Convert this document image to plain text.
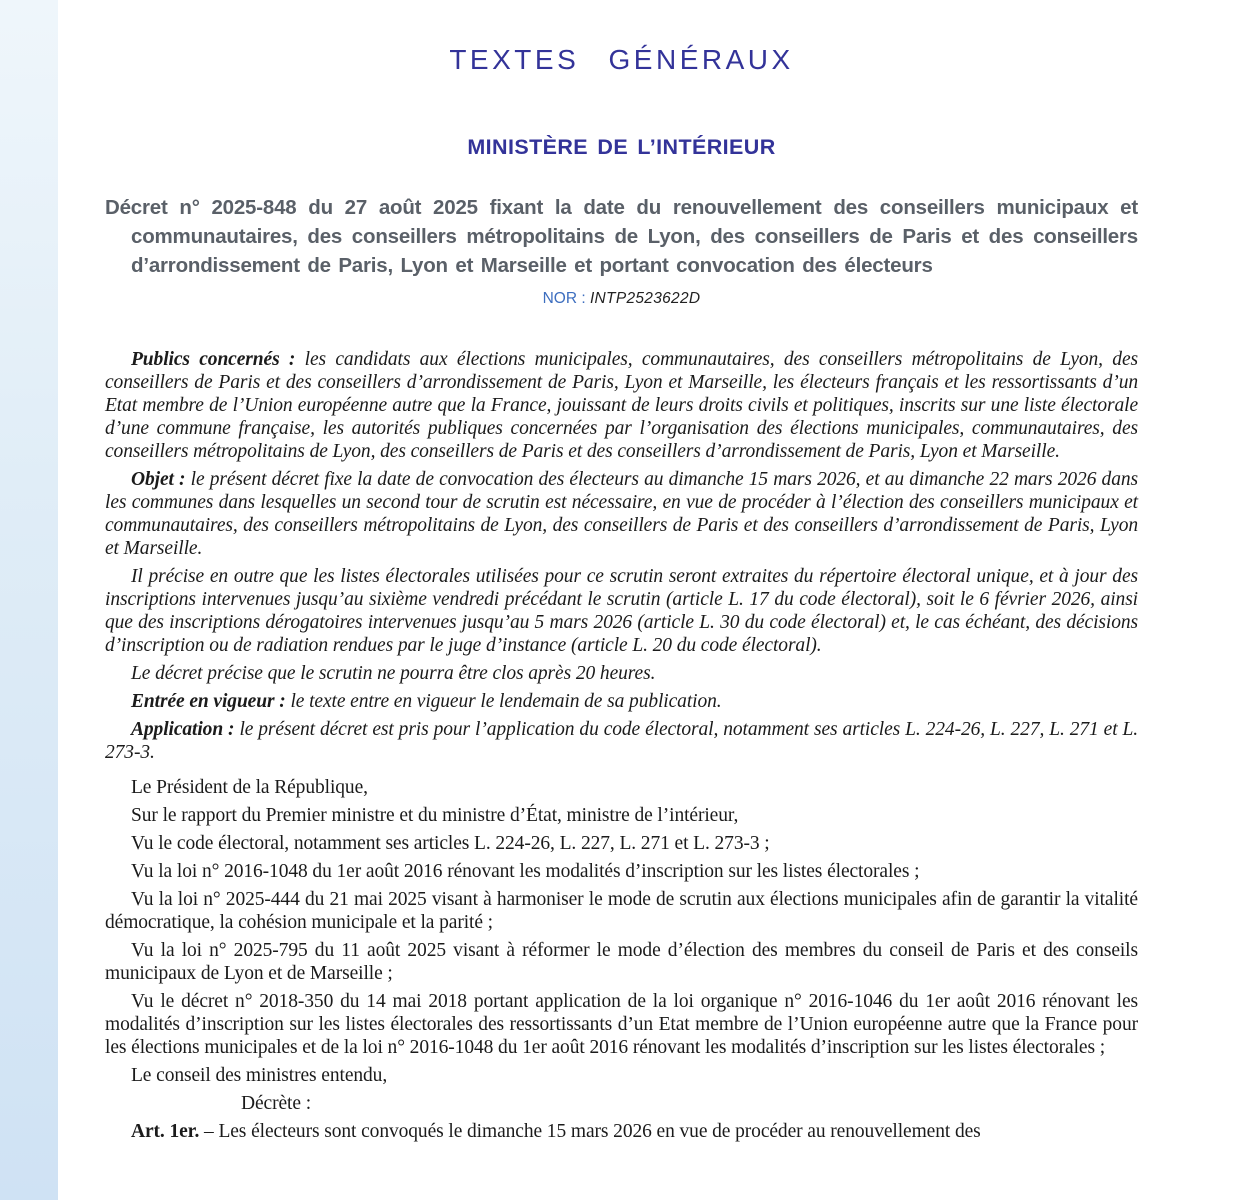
TEXTES GÉNÉRAUX
MINISTÈRE DE L’INTÉRIEUR

Décret n° 2025-848 du 27 août 2025 fixant la date du renouvellement des conseillers municipaux et communautaires, des conseillers métropolitains de Lyon, des conseillers de Paris et des conseillers d’arrondissement de Paris, Lyon et Marseille et portant convocation des électeurs

NOR : INTP2523622D

Publics concernés : les candidats aux élections municipales, communautaires, des conseillers métropolitains de Lyon, des conseillers de Paris et des conseillers d’arrondissement de Paris, Lyon et Marseille, les électeurs français et les ressortissants d’un Etat membre de l’Union européenne autre que la France, jouissant de leurs droits civils et politiques, inscrits sur une liste électorale d’une commune française, les autorités publiques concernées par l’organisation des élections municipales, communautaires, des conseillers métropolitains de Lyon, des conseillers de Paris et des conseillers d’arrondissement de Paris, Lyon et Marseille.

Objet : le présent décret fixe la date de convocation des électeurs au dimanche 15 mars 2026, et au dimanche 22 mars 2026 dans les communes dans lesquelles un second tour de scrutin est nécessaire, en vue de procéder à l’élection des conseillers municipaux et communautaires, des conseillers métropolitains de Lyon, des conseillers de Paris et des conseillers d’arrondissement de Paris, Lyon et Marseille.

Il précise en outre que les listes électorales utilisées pour ce scrutin seront extraites du répertoire électoral unique, et à jour des inscriptions intervenues jusqu’au sixième vendredi précédant le scrutin (article L. 17 du code électoral), soit le 6 février 2026, ainsi que des inscriptions dérogatoires intervenues jusqu’au 5 mars 2026 (article L. 30 du code électoral) et, le cas échéant, des décisions d’inscription ou de radiation rendues par le juge d’instance (article L. 20 du code électoral).

Le décret précise que le scrutin ne pourra être clos après 20 heures.

Entrée en vigueur : le texte entre en vigueur le lendemain de sa publication.

Application : le présent décret est pris pour l’application du code électoral, notamment ses articles L. 224-26, L. 227, L. 271 et L. 273-3.

Le Président de la République,

Sur le rapport du Premier ministre et du ministre d’État, ministre de l’intérieur,

Vu le code électoral, notamment ses articles L. 224-26, L. 227, L. 271 et L. 273-3 ;

Vu la loi n° 2016-1048 du 1er août 2016 rénovant les modalités d’inscription sur les listes électorales ;

Vu la loi n° 2025-444 du 21 mai 2025 visant à harmoniser le mode de scrutin aux élections municipales afin de garantir la vitalité démocratique, la cohésion municipale et la parité ;

Vu la loi n° 2025-795 du 11 août 2025 visant à réformer le mode d’élection des membres du conseil de Paris et des conseils municipaux de Lyon et de Marseille ;

Vu le décret n° 2018-350 du 14 mai 2018 portant application de la loi organique n° 2016-1046 du 1er août 2016 rénovant les modalités d’inscription sur les listes électorales des ressortissants d’un Etat membre de l’Union européenne autre que la France pour les élections municipales et de la loi n° 2016-1048 du 1er août 2016 rénovant les modalités d’inscription sur les listes électorales ;

Le conseil des ministres entendu,

Décrète :

Art. 1er. – Les électeurs sont convoqués le dimanche 15 mars 2026 en vue de procéder au renouvellement des
